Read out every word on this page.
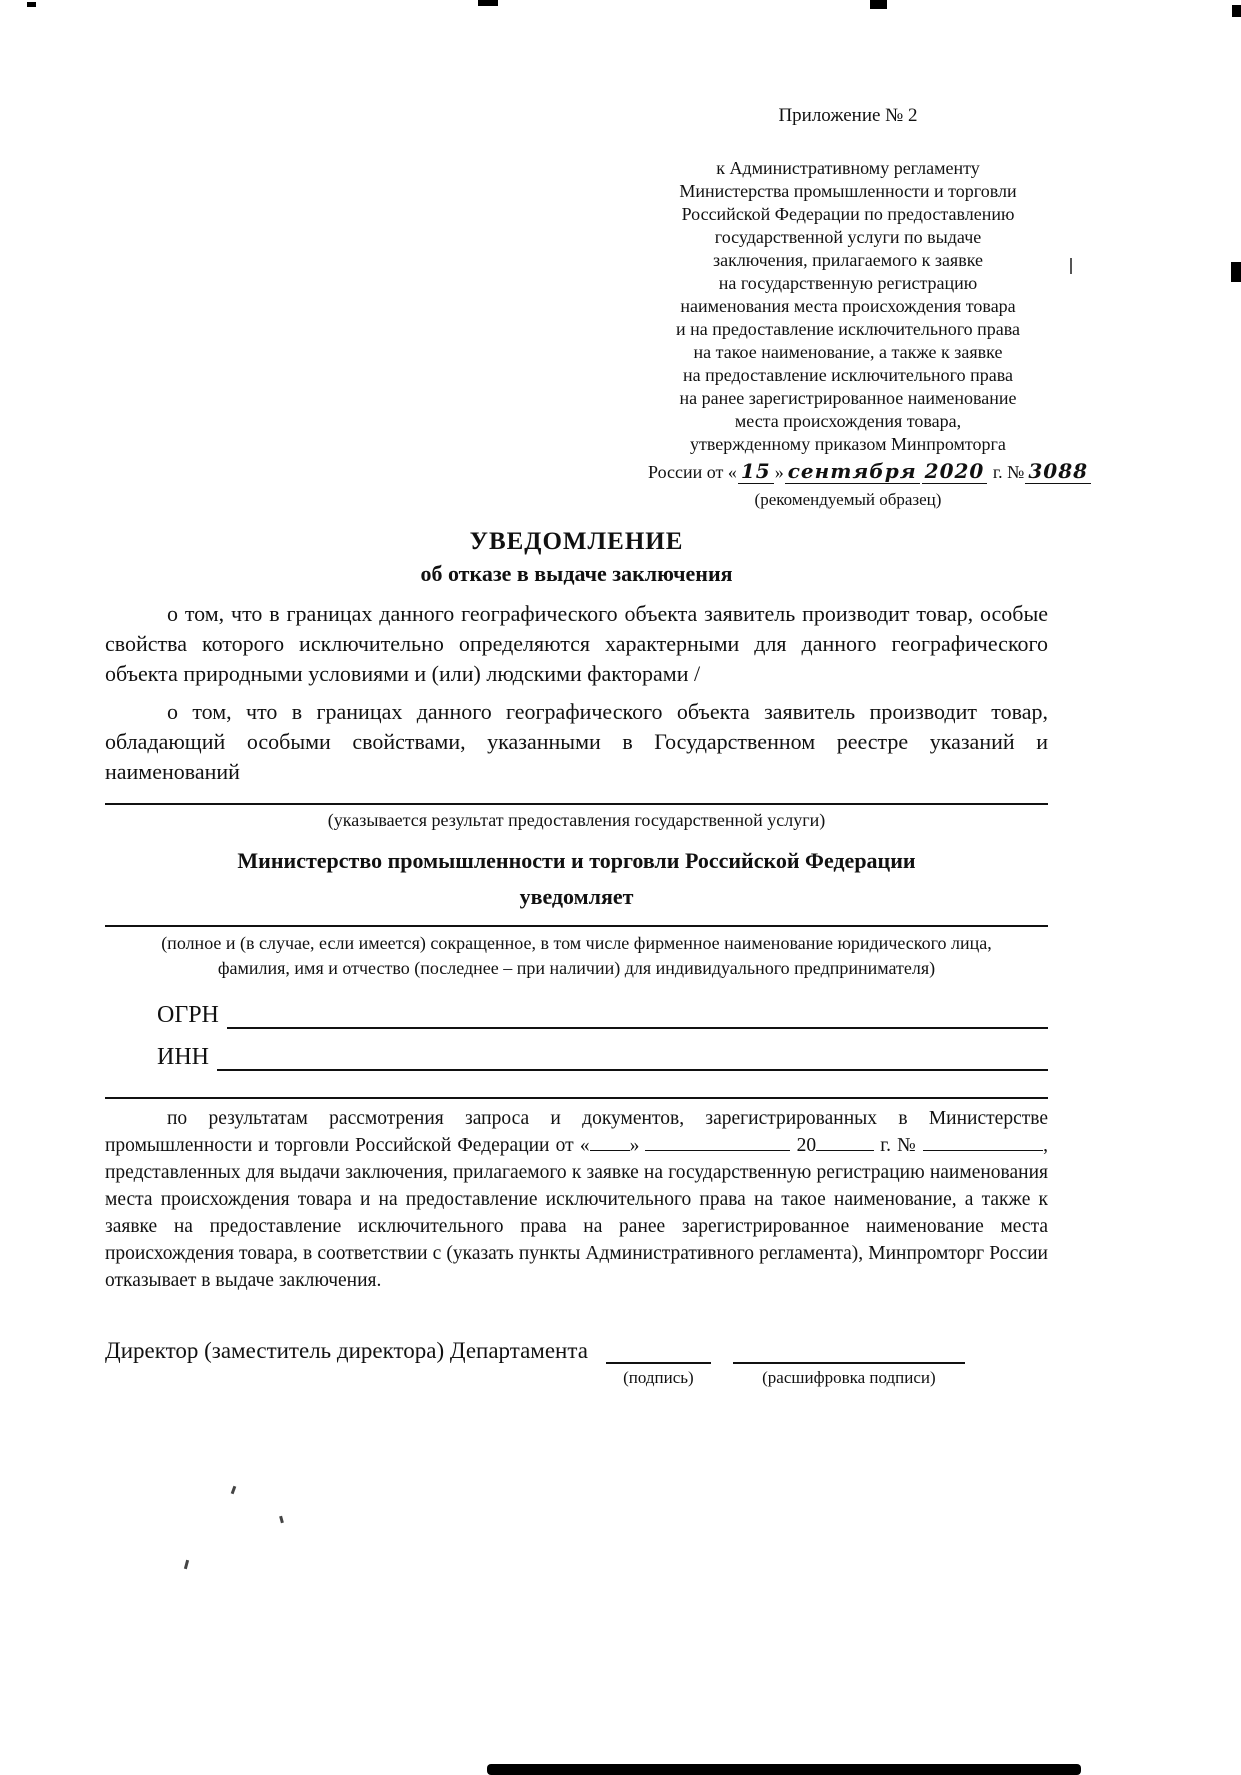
Приложение № 2
к Административному регламенту
Министерства промышленности и торговли
Российской Федерации по предоставлению
государственной услуги по выдаче
заключения, прилагаемого к заявке
на государственную регистрацию
наименования места происхождения товара
и на предоставление исключительного права
на такое наименование, а также к заявке
на предоставление исключительного права
на ранее зарегистрированное наименование
места происхождения товара,
утвержденному приказом Минпромторга
России от « 15 » сентября 2020 г. № 3088
(рекомендуемый образец)
УВЕДОМЛЕНИЕ
об отказе в выдаче заключения

о том, что в границах данного географического объекта заявитель производит товар, особые свойства которого исключительно определяются характерными для данного географического объекта природными условиями и (или) людскими факторами /

о том, что в границах данного географического объекта заявитель производит товар, обладающий особыми свойствами, указанными в Государственном реестре указаний и наименований

(указывается результат предоставления государственной услуги)
Министерство промышленности и торговли Российской Федерации
уведомляет
(полное и (в случае, если имеется) сокращенное, в том числе фирменное наименование юридического лица,
фамилия, имя и отчество (последнее – при наличии) для индивидуального предпринимателя)
ОГРН
ИНН

по результатам рассмотрения запроса и документов, зарегистрированных в Министерстве промышленности и торговли Российской Федерации от « »	20	г. №	, представленных для выдачи заключения, прилагаемого к заявке на государственную регистрацию наименования места происхождения товара и на предоставление исключительного права на такое наименование, а также к заявке на предоставление исключительного права на ранее зарегистрированное наименование места происхождения товара, в соответствии с (указать пункты Административного регламента), Минпромторг России отказывает в выдаче заключения.

Директор (заместитель директора) Департамента
(подпись)	(расшифровка подписи)
